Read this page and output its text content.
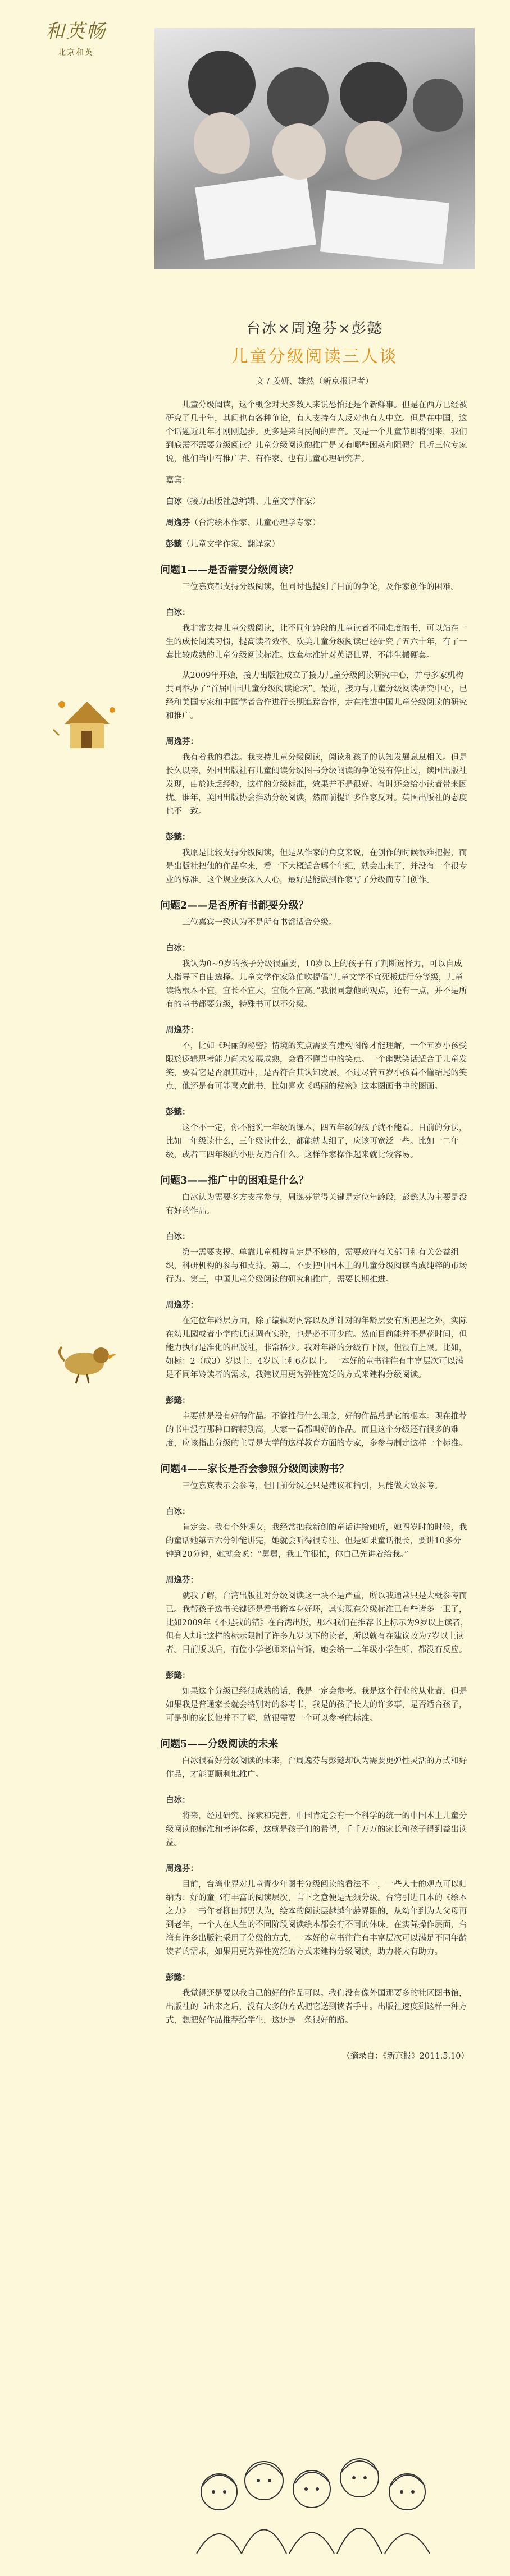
和英畅
北京和英
台冰×周逸芬×彭懿
儿童分级阅读三人谈
文 / 姜妍、雄然（新京报记者）

儿童分级阅读，这个概念对大多数人来说恐怕还是个新鲜事。但是在西方已经被研究了几十年，其间也有各种争论，有人支持有人反对也有人中立。但是在中国，这个话题近几年才刚刚起步。更多是来自民间的声音。又是一个儿童节即将到来，我们到底需不需要分级阅读？儿童分级阅读的推广是又有哪些困惑和阻碍？且听三位专家说，他们当中有推广者、有作家、也有儿童心理研究者。

嘉宾：

白冰（接力出版社总编辑、儿童文学作家）

周逸芬（台湾绘本作家、儿童心理学专家）

彭懿（儿童文学作家、翻译家）

问题1——是否需要分级阅读？

三位嘉宾都支持分级阅读，但同时也提到了目前的争论，及作家创作的困难。

白冰：

我非常支持儿童分级阅读，让不同年龄段的儿童读者不同难度的书，可以站在一生的成长阅读习惯，提高读者效率。欧美儿童分级阅读已经研究了五六十年，有了一套比较成熟的儿童分级阅读标准。这套标准针对英语世界，不能生搬硬套。

从2009年开始，接力出版社成立了接力儿童分级阅读研究中心，并与多家机构共同举办了“首届中国儿童分级阅读论坛”。最近，接力与儿童分级阅读研究中心，已经和美国专家和中国学者合作进行长期追踪合作，走在推进中国儿童分级阅读的研究和推广。

周逸芬：

我有着我的看法。我支持儿童分级阅读，阅读和孩子的认知发展息息相关。但是长久以来，外国出版社有儿童阅读分级图书分级阅读的争论没有停止过，读国出版社发现，由於缺乏经验，这样的分级标准，效果并不是很好。有时还会给小读者带来困扰。谁年，美国出版协会推动分级阅读，然而前提许多作家反对。英国出版社的态度也不一致。

彭懿：

我原是比较支持分级阅读，但是从作家的角度来说，在创作的时候很难把握，而是出版社把他的作品拿来，看一下大概适合哪个年纪，就会出来了，并没有一个很专业的标准。这个规业要深入人心，最好是能做到作家写了分级而专门创作。

问题2——是否所有书都要分级？

三位嘉宾一致认为不是所有书都适合分级。

白冰：

我认为0~9岁的孩子分级很重要，10岁以上的孩子有了判断选择力，可以自成人指导下自由选择。儿童文学作家陈伯吹提倡“儿童文学不宜死板进行分等级，儿童读物根本不宜，宜长不宜大，宜低不宜高。”我很同意他的观点，还有一点，并不是所有的童书都要分级，特殊书可以不分级。

周逸芬：

不，比如《玛丽的秘密》情境的笑点需要有建构图像才能理解，一个五岁小孩受限於逻辑思考能力尚未发展成熟，会看不懂当中的笑点。一个幽默笑话适合于儿童发笑，要看它是否跟其适中，是否符合其认知发展。不过尽管五岁小孩看不懂结尾的笑点，他还是有可能喜欢此书，比如喜欢《玛丽的秘密》这本图画书中的图画。

彭懿：

这个不一定，你不能说一年级的课本，四五年级的孩子就不能看。目前的分法，比如一年级读什么，三年级读什么，都能就太细了，应该再宽泛一些。比如一二年级，或者三四年级的小朋友适合什么。这样作家操作起来就比较容易。

问题3——推广中的困难是什么？

白冰认为需要多方支撑参与，周逸芬觉得关键是定位年龄段，彭懿认为主要是没有好的作品。

白冰：

第一需要支撑。单靠儿童机构肯定是不够的，需要政府有关部门和有关公益组织，科研机构的参与和支持。第二，不要把中国本土的儿童分级阅读当成纯粹的市场行为。第三，中国儿童分级阅读的研究和推广，需要长期推进。

周逸芬：

在定位年龄层方面，除了编辑对内容以及所针对的年龄层要有所把握之外，实际在幼儿园或者小学的试读调查实验，也是必不可少的。然而目前能并不是花时间，但能力执行是准化的出版社，非常稀少。我对年龄的分级有下限，但没有上限。比如，如标：2（成3）岁以上，4岁以上和6岁以上。一本好的童书往往有丰富层次可以满足不同年龄读者的需求，我建议用更为弹性宽泛的方式来建构分级阅读。

彭懿：

主要就是没有好的作品。不管推行什么理念，好的作品总是它的根本。现在推荐的书中没有那种口碑特别高，大家一看都叫好的作品。而且这个分级还有很多的难度，应该指出分级的主导是大学的这样教育方面的专家，多参与制定这样一个标准。

问题4——家长是否会参照分级阅读购书？

三位嘉宾表示会参考，但目前分级还只是建议和指引，只能做大致参考。

白冰：

肯定会。我有个外甥女，我经常把我新创的童话讲给她听，她四岁时的时候，我的童话她第五六分钟能讲完，她就会听得很专注。但是如果童话很长，要讲10多分钟到20分钟，她就会说：“舅舅，我工作很忙，你自己先讲着给我。”

周逸芬：

就我了解，台湾出版社对分级阅读这一块不是严重，所以我通常只是大概参考而已。我帮孩子选书关键还是看书籍本身好坏，其实现在分级标准已有些诸多一卫了，比如2009年《不是我的错》在台湾出版，那本我们在推荐书上标示为9岁以上读者，但有人却让这样的标示限制了许多九岁以下的读者，所以就有在建议改为7岁以上读者。目前版以后，有位小学老师来信告诉，她会给一二年级小学生听，都没有反应。

彭懿：

如果这个分级已经很成熟的话，我是一定会参考。我是这个行业的从业者，但是如果我是普通家长就会特别对的参考书，我是的孩子长大的许多事，是否适合孩子，可是别的家长他并不了解，就很需要一个可以参考的标准。

问题5——分级阅读的未来

白冰很看好分级阅读的未来，台周逸芬与彭懿却认为需要更弹性灵活的方式和好作品，才能更顺利地推广。

白冰：

将来，经过研究、探索和完善，中国肯定会有一个科学的统一的中国本土儿童分级阅读的标准和考评体系，这就是孩子们的希望，千千万万的家长和孩子得到益出读益。

周逸芬：

目前，台湾业界对儿童青少年图书分级阅读的看法不一，一些人士的观点可以归纳为：好的童书有丰富的阅读层次，言下之意便是无须分级。台湾引进日本的《绘本之力》一书作者柳田邦男认为，绘本的阅读层越越年龄界限的，从幼年到为人父母再到老年，一个人在人生的不同阶段阅读绘本都会有不同的体味。在实际操作层面，台湾有许多出版社采用了分级的方式，一本好的童书往往有丰富层次可以满足不同年龄读者的需求，如果用更为弹性宽泛的方式来建构分级阅读，助力将大有助力。

彭懿：

我觉得还是要以我自己的好的作品可以。我们没有像外国那要多的社区图书馆，出版社的书出来之后，没有大多的方式把它送到读者手中。出版社速度到这样一种方式，想把好作品推荐给学生，这还是一条很好的路。

（摘录自：《新京报》2011.5.10）
